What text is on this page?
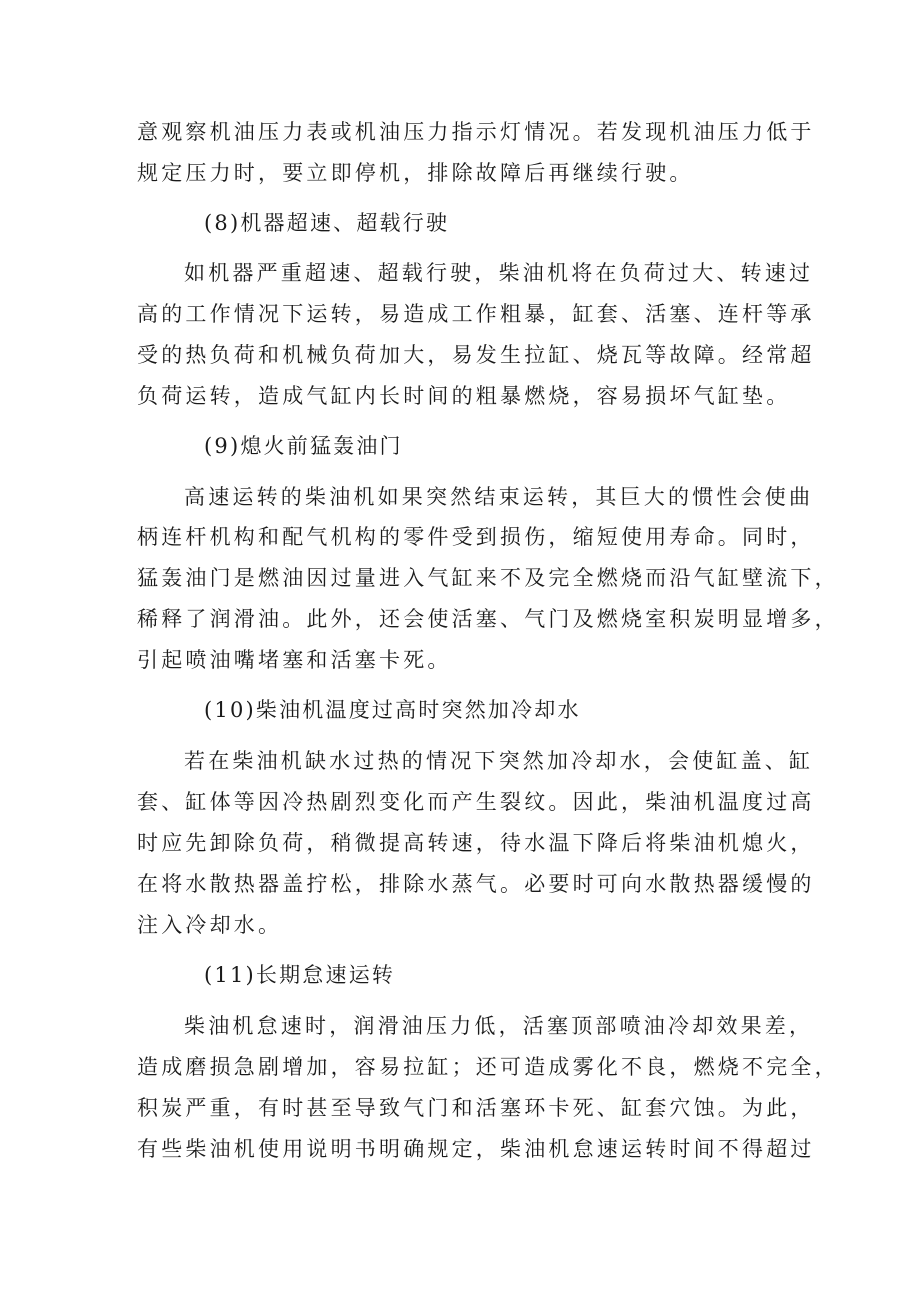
意观察机油压力表或机油压力指示灯情况。若发现机油压力低于
规定压力时，要立即停机，排除故障后再继续行驶。
(8)机器超速、超载行驶
如机器严重超速、超载行驶，柴油机将在负荷过大、转速过
高的工作情况下运转，易造成工作粗暴，缸套、活塞、连杆等承
受的热负荷和机械负荷加大，易发生拉缸、烧瓦等故障。经常超
负荷运转，造成气缸内长时间的粗暴燃烧，容易损坏气缸垫。
(9)熄火前猛轰油门
高速运转的柴油机如果突然结束运转，其巨大的惯性会使曲
柄连杆机构和配气机构的零件受到损伤，缩短使用寿命。同时，
猛轰油门是燃油因过量进入气缸来不及完全燃烧而沿气缸壁流下，
稀释了润滑油。此外，还会使活塞、气门及燃烧室积炭明显增多，
引起喷油嘴堵塞和活塞卡死。
(10)柴油机温度过高时突然加冷却水
若在柴油机缺水过热的情况下突然加冷却水，会使缸盖、缸
套、缸体等因冷热剧烈变化而产生裂纹。因此，柴油机温度过高
时应先卸除负荷，稍微提高转速，待水温下降后将柴油机熄火，
在将水散热器盖拧松，排除水蒸气。必要时可向水散热器缓慢的
注入冷却水。
(11)长期怠速运转
柴油机怠速时，润滑油压力低，活塞顶部喷油冷却效果差，
造成磨损急剧增加，容易拉缸；还可造成雾化不良，燃烧不完全，
积炭严重，有时甚至导致气门和活塞环卡死、缸套穴蚀。为此，
有些柴油机使用说明书明确规定，柴油机怠速运转时间不得超过
